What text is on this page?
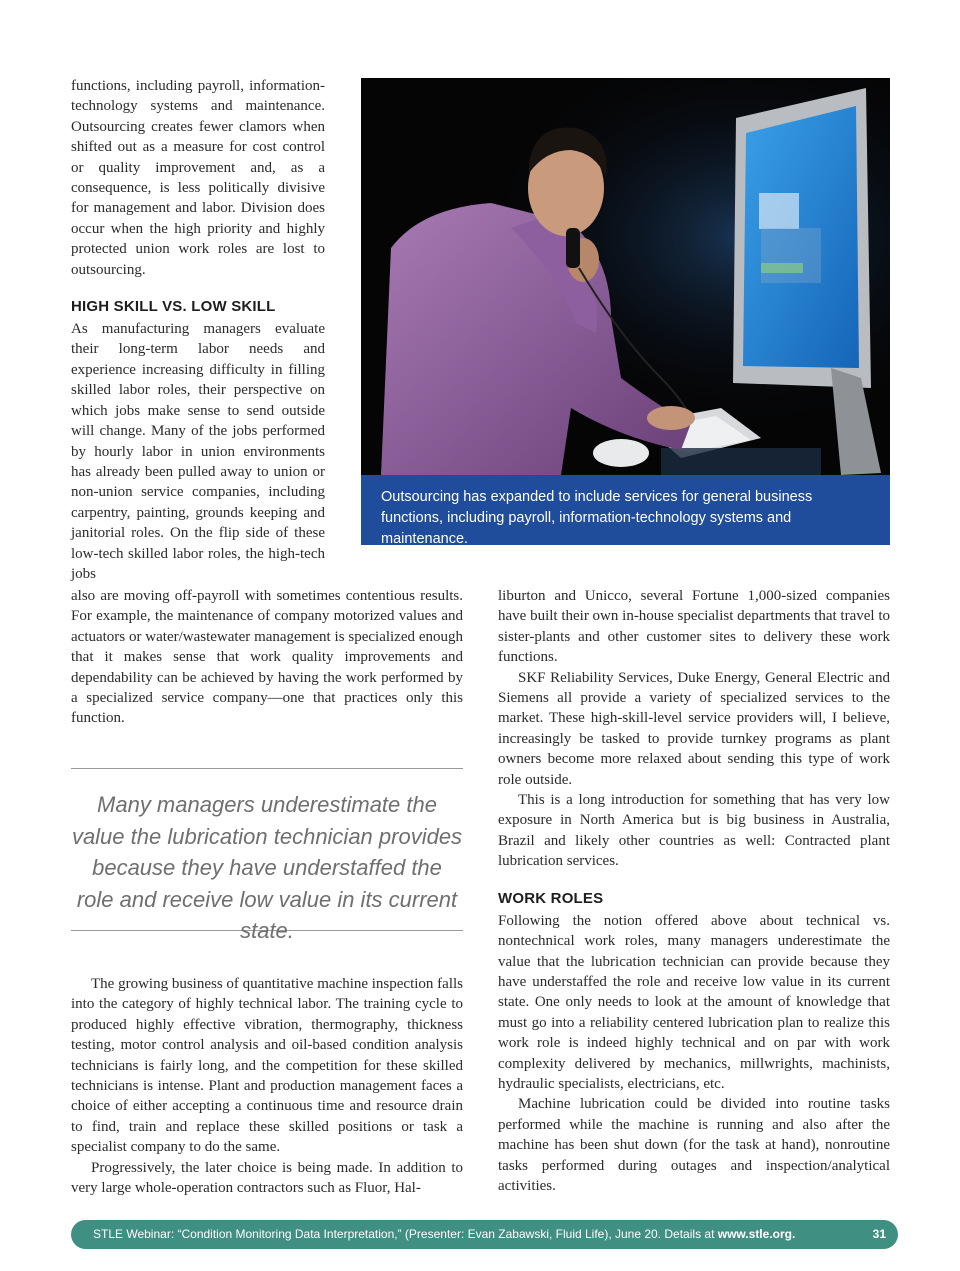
functions, including payroll, information-technology systems and maintenance. Outsourcing creates fewer clamors when shifted out as a measure for cost control or quality improvement and, as a consequence, is less politically divisive for management and labor. Division does occur when the high priority and highly protected union work roles are lost to outsourcing.

HIGH SKILL VS. LOW SKILL

As manufacturing managers evaluate their long-term labor needs and experience increasing difficulty in filling skilled labor roles, their perspective on which jobs make sense to send outside will change. Many of the jobs performed by hourly labor in union environments has already been pulled away to union or non-union service companies, including carpentry, painting, grounds keeping and janitorial roles. On the flip side of these low-tech skilled labor roles, the high-tech jobs

Outsourcing has expanded to include services for general business functions, including payroll, information-technology systems and maintenance.

also are moving off-payroll with sometimes contentious results. For example, the maintenance of company motorized values and actuators or water/wastewater management is specialized enough that it makes sense that work quality improvements and dependability can be achieved by having the work performed by a specialized service company—one that practices only this function.

Many managers underestimate the value the lubrication technician provides because they have understaffed the role and receive low value in its current state.

The growing business of quantitative machine inspection falls into the category of highly technical labor. The training cycle to produced highly effective vibration, thermography, thickness testing, motor control analysis and oil-based condition analysis technicians is fairly long, and the competition for these skilled technicians is intense. Plant and production management faces a choice of either accepting a continuous time and resource drain to find, train and replace these skilled positions or task a specialist company to do the same.

Progressively, the later choice is being made. In addition to very large whole-operation contractors such as Fluor, Hal-

liburton and Unicco, several Fortune 1,000-sized companies have built their own in-house specialist departments that travel to sister-plants and other customer sites to delivery these work functions.

SKF Reliability Services, Duke Energy, General Electric and Siemens all provide a variety of specialized services to the market. These high-skill-level service providers will, I believe, increasingly be tasked to provide turnkey programs as plant owners become more relaxed about sending this type of work role outside.

This is a long introduction for something that has very low exposure in North America but is big business in Australia, Brazil and likely other countries as well: Contracted plant lubrication services.

WORK ROLES

Following the notion offered above about technical vs. nontechnical work roles, many managers underestimate the value that the lubrication technician can provide because they have understaffed the role and receive low value in its current state. One only needs to look at the amount of knowledge that must go into a reliability centered lubrication plan to realize this work role is indeed highly technical and on par with work complexity delivered by mechanics, millwrights, machinists, hydraulic specialists, electricians, etc.

Machine lubrication could be divided into routine tasks performed while the machine is running and also after the machine has been shut down (for the task at hand), nonroutine tasks performed during outages and inspection/analytical activities.

STLE Webinar: “Condition Monitoring Data Interpretation,” (Presenter: Evan Zabawski, Fluid Life), June 20. Details at www.stle.org.	31
